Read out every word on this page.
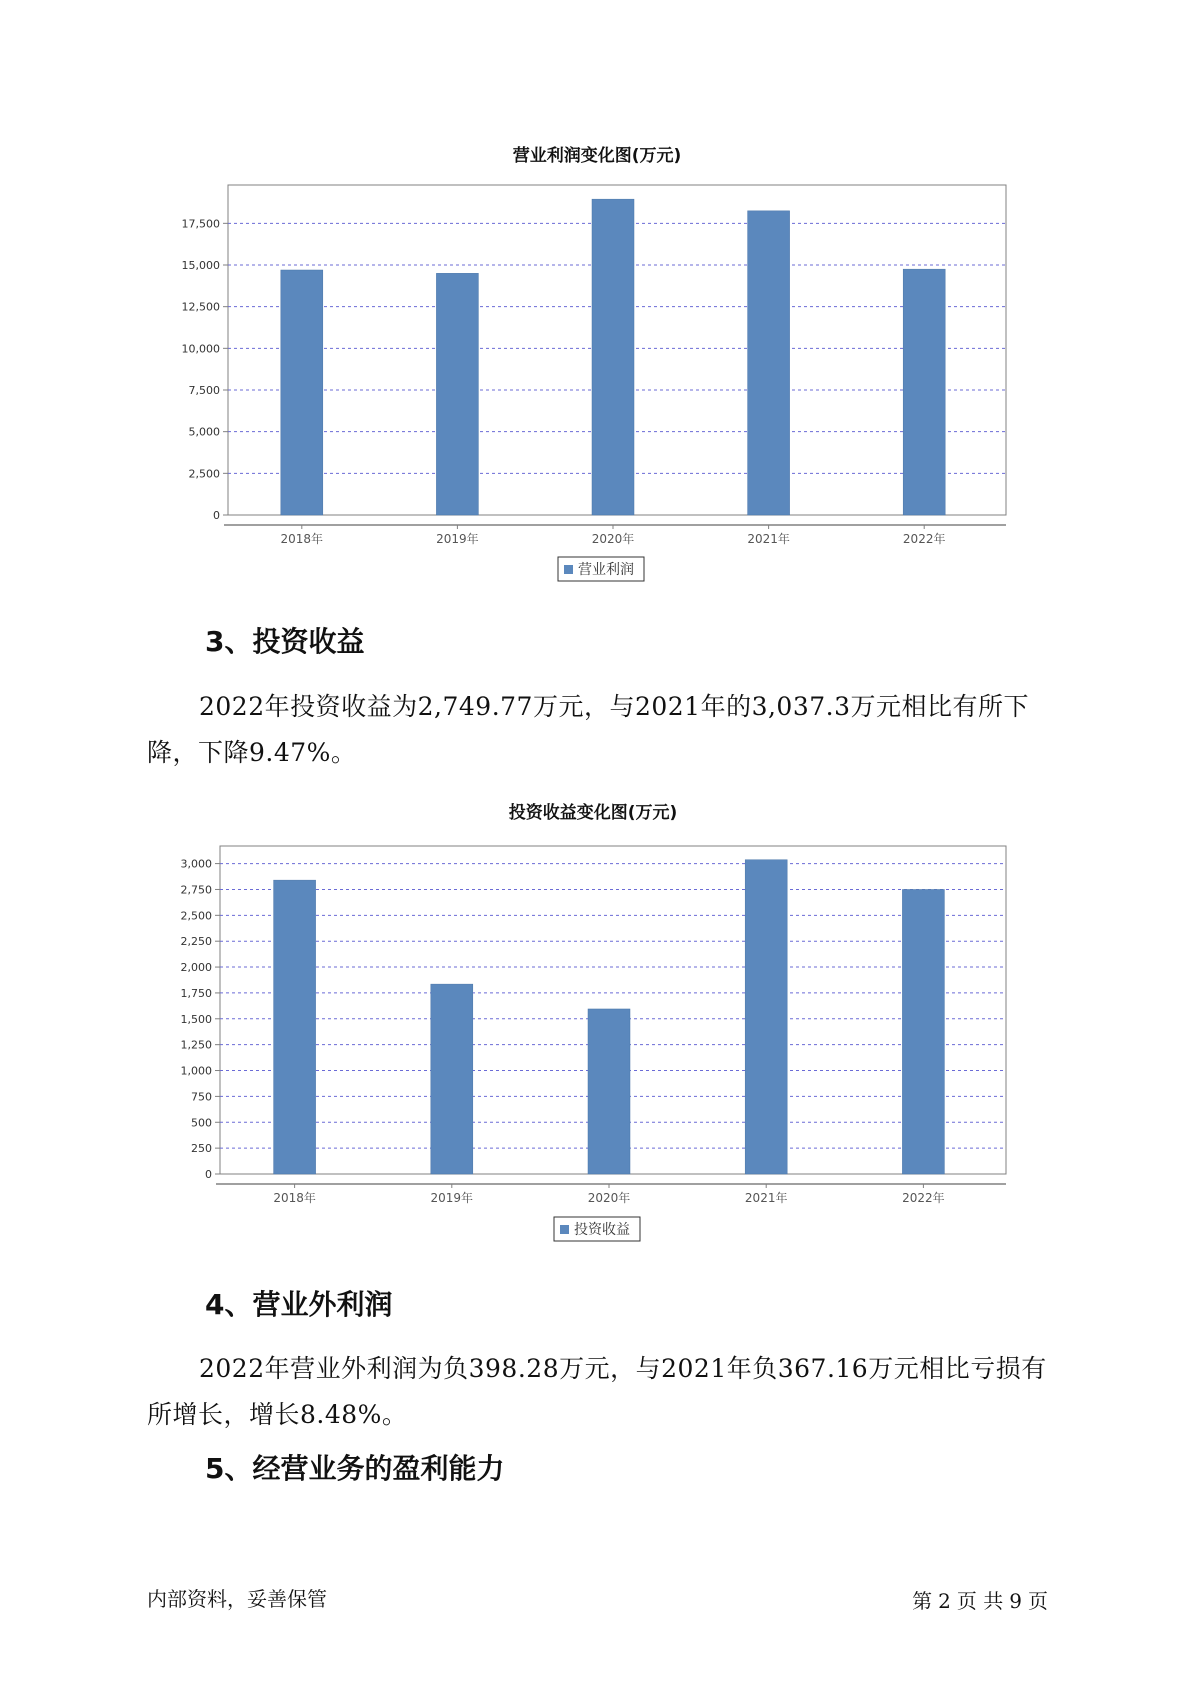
营业利润变化图(万元)
0
2,500
5,000
7,500
10,000
12,500
15,000
17,500
2018年	2019年	2020年	2021年	2022年
营业利润
3、投资收益

2022年投资收益为2,749.77万元，与2021年的3,037.3万元相比有所下降，下降9.47%。

投资收益变化图(万元)
0
250
500
750
1,000
1,250
1,500
1,750
2,000
2,250
2,500
2,750
3,000
2018年	2019年	2020年	2021年	2022年
投资收益
4、营业外利润

2022年营业外利润为负398.28万元，与2021年负367.16万元相比亏损有所增长，增长8.48%。

5、经营业务的盈利能力
内部资料，妥善保管	第 2 页 共 9 页
